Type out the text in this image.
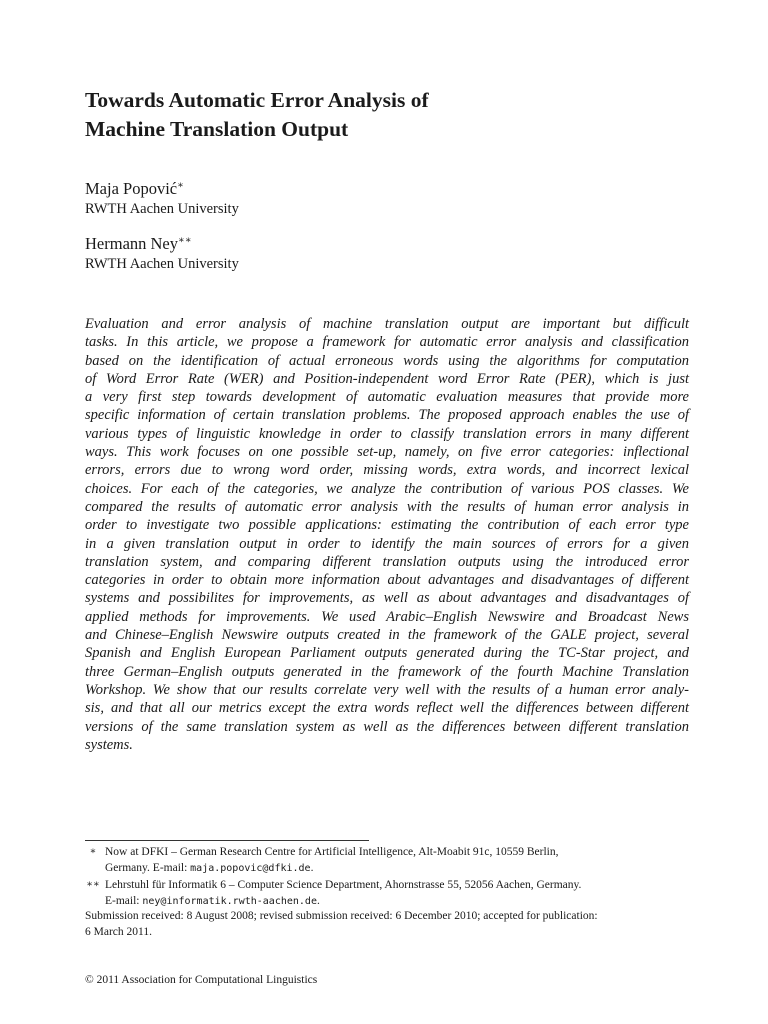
Towards Automatic Error Analysis of
Machine Translation Output
Maja Popović∗
RWTH Aachen University
Hermann Ney∗∗
RWTH Aachen University
Evaluation and error analysis of machine translation output are important but difficult
tasks. In this article, we propose a framework for automatic error analysis and classification
based on the identification of actual erroneous words using the algorithms for computation
of Word Error Rate (WER) and Position-independent word Error Rate (PER), which is just
a very first step towards development of automatic evaluation measures that provide more
specific information of certain translation problems. The proposed approach enables the use of
various types of linguistic knowledge in order to classify translation errors in many different
ways. This work focuses on one possible set-up, namely, on five error categories: inflectional
errors, errors due to wrong word order, missing words, extra words, and incorrect lexical
choices. For each of the categories, we analyze the contribution of various POS classes. We
compared the results of automatic error analysis with the results of human error analysis in
order to investigate two possible applications: estimating the contribution of each error type
in a given translation output in order to identify the main sources of errors for a given
translation system, and comparing different translation outputs using the introduced error
categories in order to obtain more information about advantages and disadvantages of different
systems and possibilites for improvements, as well as about advantages and disadvantages of
applied methods for improvements. We used Arabic–English Newswire and Broadcast News
and Chinese–English Newswire outputs created in the framework of the GALE project, several
Spanish and English European Parliament outputs generated during the TC-Star project, and
three German–English outputs generated in the framework of the fourth Machine Translation
Workshop. We show that our results correlate very well with the results of a human error analy-
sis, and that all our metrics except the extra words reflect well the differences between different
versions of the same translation system as well as the differences between different translation
systems.
∗ Now at DFKI – German Research Centre for Artificial Intelligence, Alt-Moabit 91c, 10559 Berlin,
Germany. E-mail: maja.popovic@dfki.de.
∗∗ Lehrstuhl für Informatik 6 – Computer Science Department, Ahornstrasse 55, 52056 Aachen, Germany.
E-mail: ney@informatik.rwth-aachen.de.
Submission received: 8 August 2008; revised submission received: 6 December 2010; accepted for publication:
6 March 2011.
© 2011 Association for Computational Linguistics
